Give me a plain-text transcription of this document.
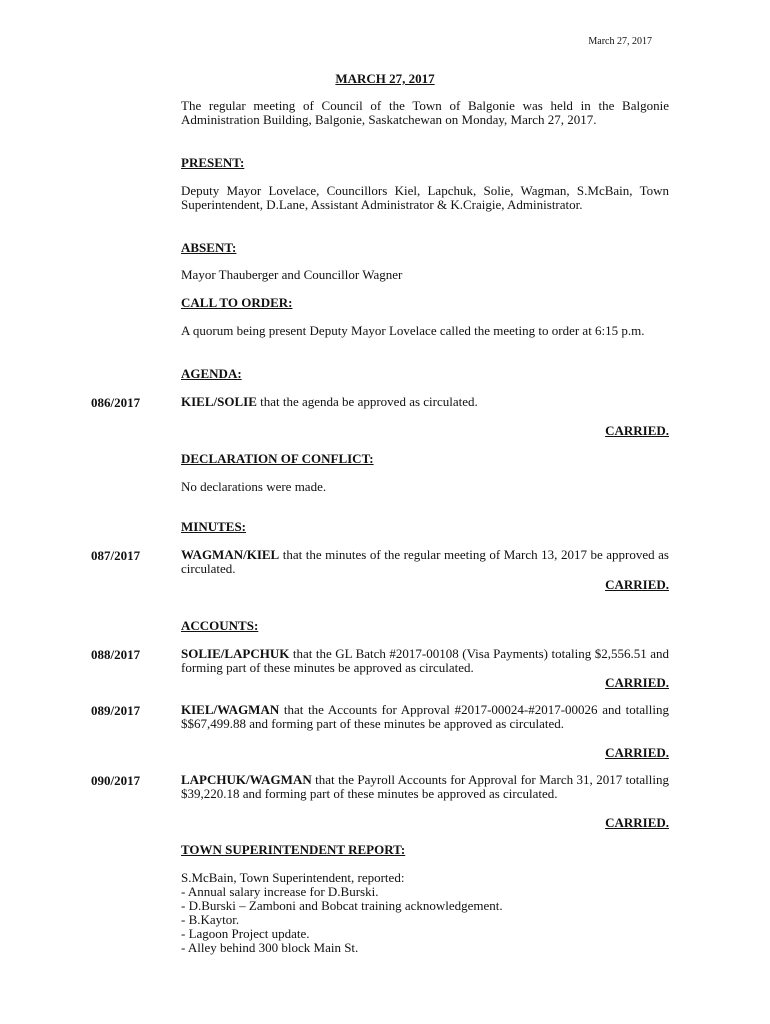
March 27, 2017
MARCH 27, 2017
The regular meeting of Council of the Town of Balgonie was held in the Balgonie Administration Building, Balgonie, Saskatchewan on Monday, March 27, 2017.
PRESENT:
Deputy Mayor Lovelace, Councillors Kiel, Lapchuk, Solie, Wagman, S.McBain, Town Superintendent, D.Lane, Assistant Administrator & K.Craigie, Administrator.
ABSENT:
Mayor Thauberger and Councillor Wagner
CALL TO ORDER:
A quorum being present Deputy Mayor Lovelace called the meeting to order at 6:15 p.m.
AGENDA:
086/2017	KIEL/SOLIE that the agenda be approved as circulated.
CARRIED.
DECLARATION OF CONFLICT:
No declarations were made.
MINUTES:
087/2017	WAGMAN/KIEL that the minutes of the regular meeting of March 13, 2017 be approved as circulated.
CARRIED.
ACCOUNTS:
088/2017	SOLIE/LAPCHUK that the GL Batch #2017-00108 (Visa Payments) totaling $2,556.51 and forming part of these minutes be approved as circulated.
CARRIED.
089/2017	KIEL/WAGMAN that the Accounts for Approval #2017-00024-#2017-00026 and totalling $$67,499.88 and forming part of these minutes be approved as circulated.
CARRIED.
090/2017	LAPCHUK/WAGMAN that the Payroll Accounts for Approval for March 31, 2017 totalling $39,220.18 and forming part of these minutes be approved as circulated.
CARRIED.
TOWN SUPERINTENDENT REPORT:
S.McBain, Town Superintendent, reported:
- Annual salary increase for D.Burski.
- D.Burski – Zamboni and Bobcat training acknowledgement.
- B.Kaytor.
- Lagoon Project update.
- Alley behind 300 block Main St.
